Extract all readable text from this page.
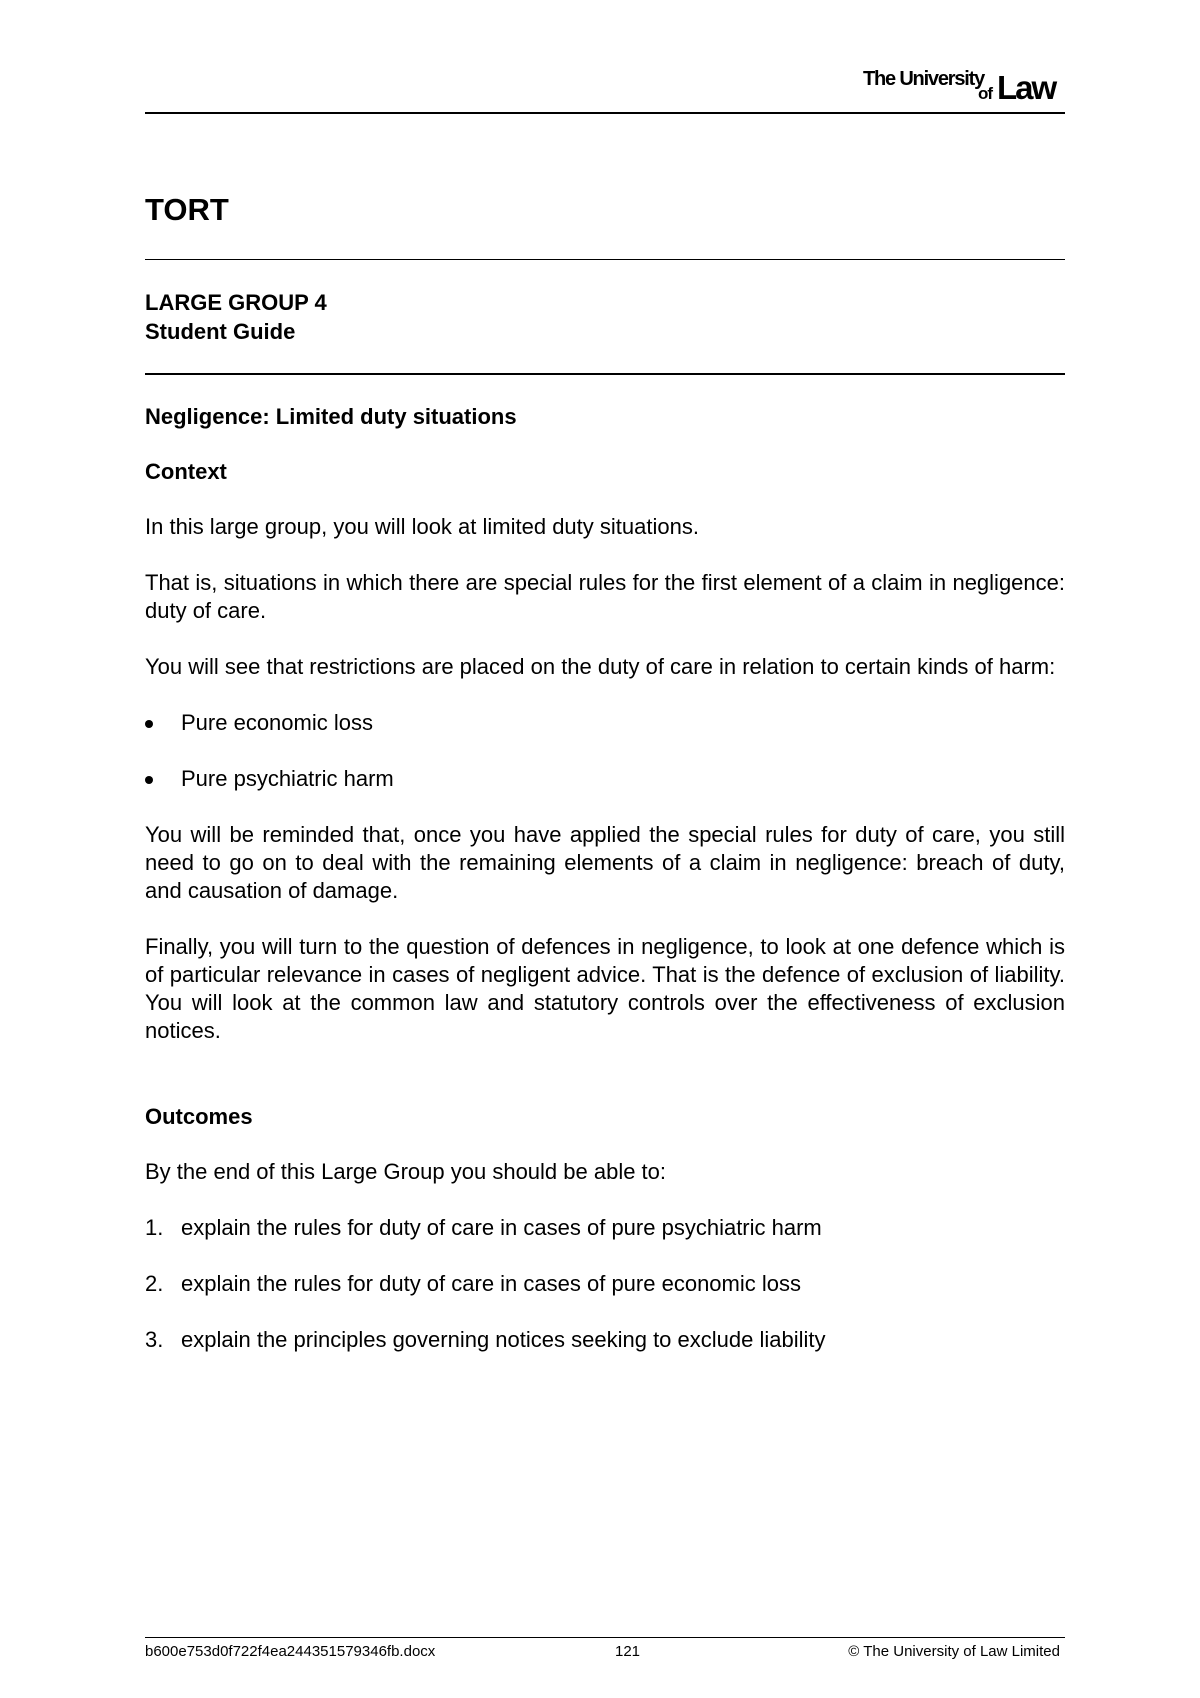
The University
of Law
TORT
LARGE GROUP 4
Student Guide
Negligence: Limited duty situations
Context

In this large group, you will look at limited duty situations.

That is, situations in which there are special rules for the first element of a claim in negligence: duty of care.

You will see that restrictions are placed on the duty of care in relation to certain kinds of harm:

Pure economic loss
Pure psychiatric harm

You will be reminded that, once you have applied the special rules for duty of care, you still need to go on to deal with the remaining elements of a claim in negligence: breach of duty, and causation of damage.

Finally, you will turn to the question of defences in negligence, to look at one defence which is of particular relevance in cases of negligent advice. That is the defence of exclusion of liability. You will look at the common law and statutory controls over the effectiveness of exclusion notices.

Outcomes

By the end of this Large Group you should be able to:

1. explain the rules for duty of care in cases of pure psychiatric harm
2. explain the rules for duty of care in cases of pure economic loss
3. explain the principles governing notices seeking to exclude liability
b600e753d0f722f4ea244351579346fb.docx	121	© The University of Law Limited
